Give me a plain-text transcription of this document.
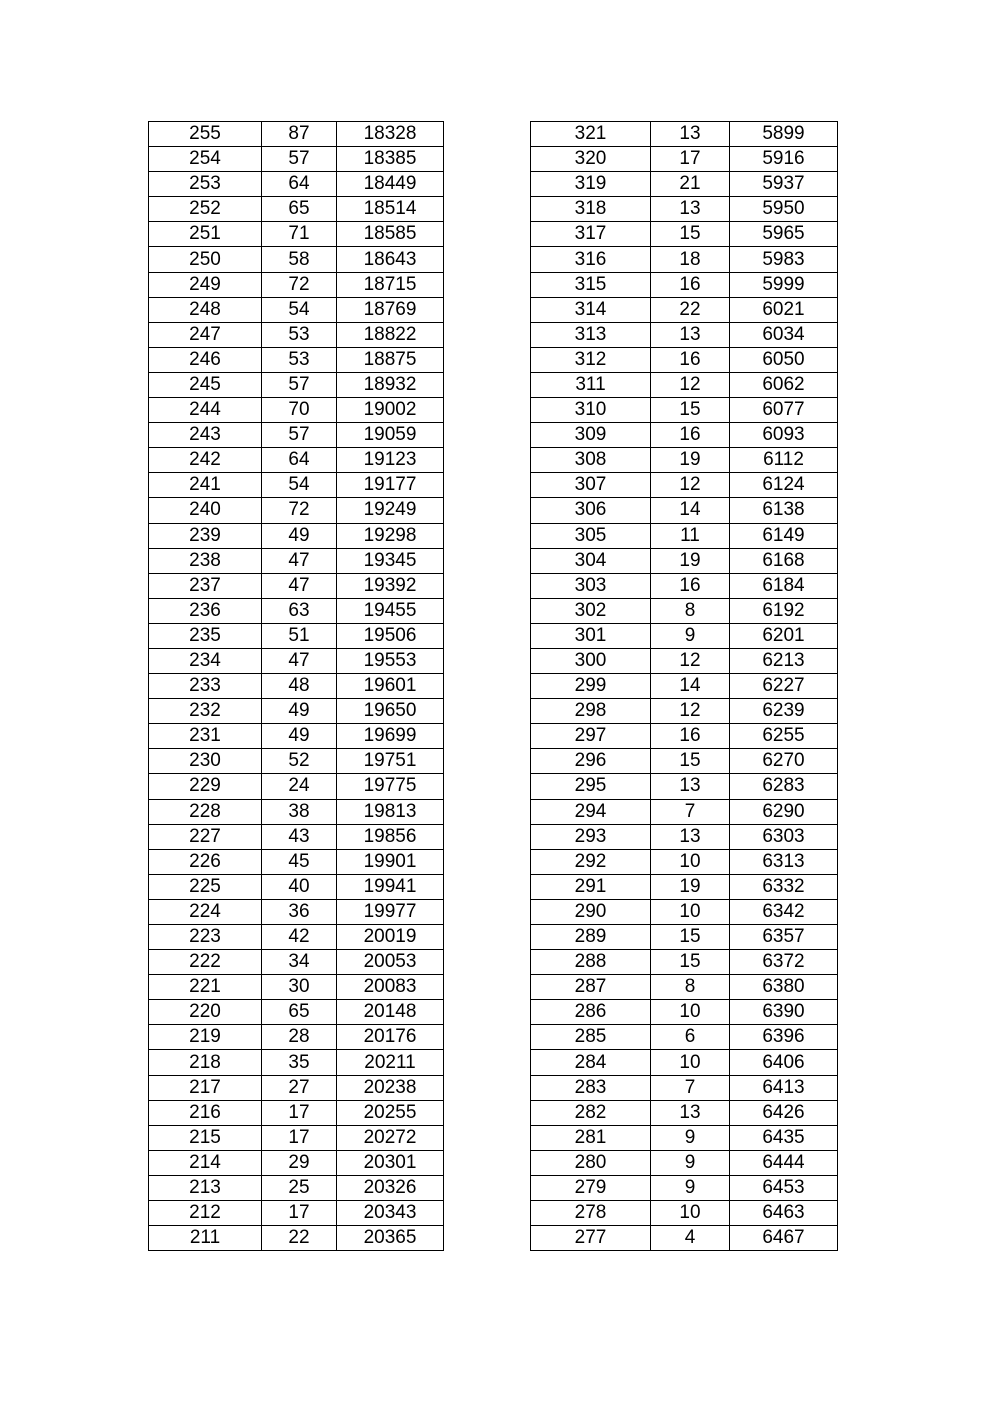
255	87	18328
254	57	18385
253	64	18449
252	65	18514
251	71	18585
250	58	18643
249	72	18715
248	54	18769
247	53	18822
246	53	18875
245	57	18932
244	70	19002
243	57	19059
242	64	19123
241	54	19177
240	72	19249
239	49	19298
238	47	19345
237	47	19392
236	63	19455
235	51	19506
234	47	19553
233	48	19601
232	49	19650
231	49	19699
230	52	19751
229	24	19775
228	38	19813
227	43	19856
226	45	19901
225	40	19941
224	36	19977
223	42	20019
222	34	20053
221	30	20083
220	65	20148
219	28	20176
218	35	20211
217	27	20238
216	17	20255
215	17	20272
214	29	20301
213	25	20326
212	17	20343
211	22	20365
321	13	5899
320	17	5916
319	21	5937
318	13	5950
317	15	5965
316	18	5983
315	16	5999
314	22	6021
313	13	6034
312	16	6050
311	12	6062
310	15	6077
309	16	6093
308	19	6112
307	12	6124
306	14	6138
305	11	6149
304	19	6168
303	16	6184
302	8	6192
301	9	6201
300	12	6213
299	14	6227
298	12	6239
297	16	6255
296	15	6270
295	13	6283
294	7	6290
293	13	6303
292	10	6313
291	19	6332
290	10	6342
289	15	6357
288	15	6372
287	8	6380
286	10	6390
285	6	6396
284	10	6406
283	7	6413
282	13	6426
281	9	6435
280	9	6444
279	9	6453
278	10	6463
277	4	6467
